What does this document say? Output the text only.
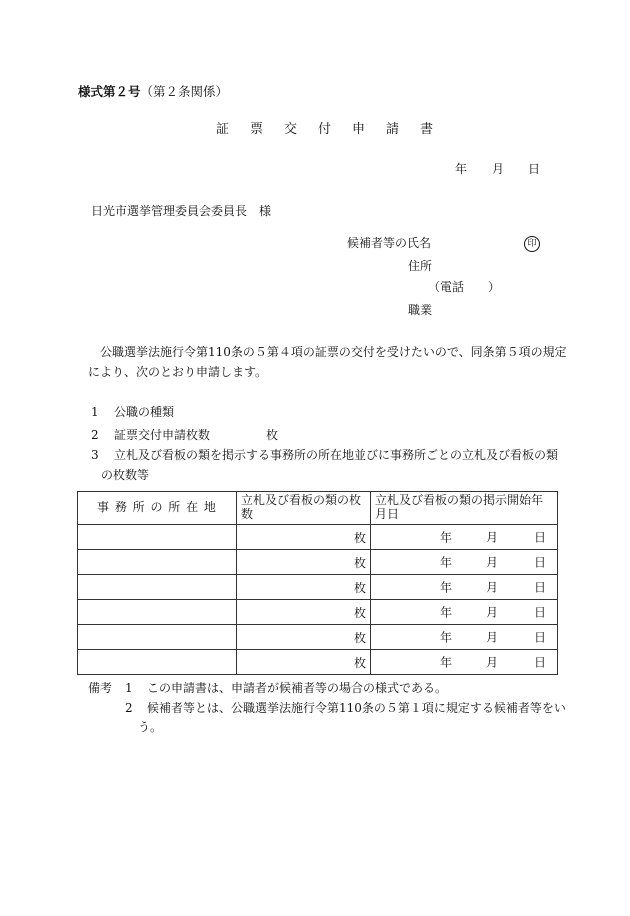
様式第２号（第２条関係）
証票交付申請書
年 月 日
日光市選挙管理委員会委員長　様
候補者等の氏名	印
住所
（電話　　）
職業
公職選挙法施行令第110条の５第４項の証票の交付を受けたいので、同条第５項の規定
により、次のとおり申請します。
1 公職の種類
2 証票交付申請枚数	枚
3 立札及び看板の類を掲示する事務所の所在地並びに事務所ごとの立札及び看板の類
の枚数等
事 務 所 の 所 在 地	立札及び看板の類の枚数	立札及び看板の類の掲示開始年月日
	枚	年 月 日

	枚	年 月 日

	枚	年 月 日

	枚	年 月 日

	枚	年 月 日

	枚	年 月 日
備考 1 この申請書は、申請者が候補者等の場合の様式である。
2 候補者等とは、公職選挙法施行令第110条の５第１項に規定する候補者等をい
う。
